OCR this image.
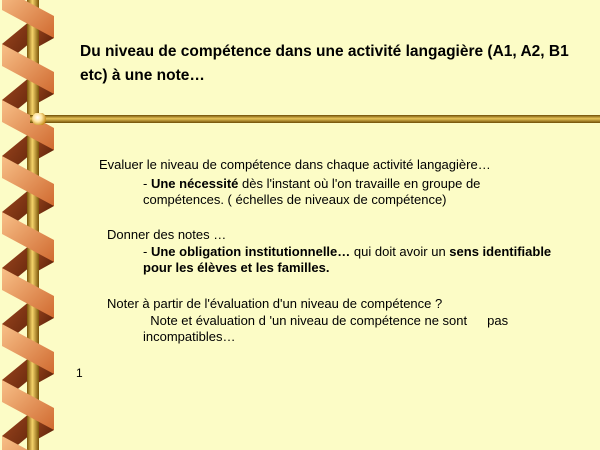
Du niveau de compétence dans une activité langagière (A1, A2, B1 etc) à une note…
Evaluer le niveau de compétence dans chaque activité langagière…
- Une nécessité dès l'instant où l'on travaille en groupe de compétences. ( échelles de niveaux de compétence)
Donner des notes …
- Une obligation institutionnelle… qui doit avoir un sens identifiable pour les élèves et les familles.
Noter à partir de l'évaluation d'un niveau de compétence ?
Note et évaluation d 'un niveau de compétence ne sont pas incompatibles…
1
